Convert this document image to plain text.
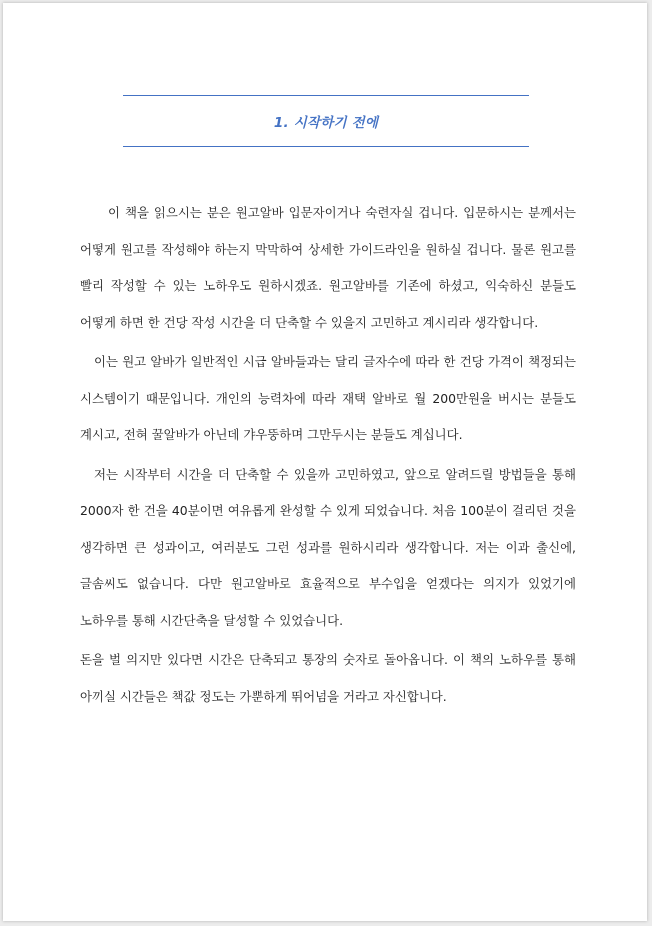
1. 시작하기 전에

이 책을 읽으시는 분은 원고알바 입문자이거나 숙련자실 겁니다. 입문하시는 분께서는 어떻게 원고를 작성해야 하는지 막막하여 상세한 가이드라인을 원하실 겁니다. 물론 원고를 빨리 작성할 수 있는 노하우도 원하시겠죠. 원고알바를 기존에 하셨고, 익숙하신 분들도 어떻게 하면 한 건당 작성 시간을 더 단축할 수 있을지 고민하고 계시리라 생각합니다.

이는 원고 알바가 일반적인 시급 알바들과는 달리 글자수에 따라 한 건당 가격이 책정되는 시스템이기 때문입니다. 개인의 능력차에 따라 재택 알바로 월 200만원을 버시는 분들도 계시고, 전혀 꿀알바가 아닌데 갸우뚱하며 그만두시는 분들도 계십니다.

저는 시작부터 시간을 더 단축할 수 있을까 고민하였고, 앞으로 알려드릴 방법들을 통해 2000자 한 건을 40분이면 여유롭게 완성할 수 있게 되었습니다. 처음 100분이 걸리던 것을 생각하면 큰 성과이고, 여러분도 그런 성과를 원하시리라 생각합니다. 저는 이과 출신에, 글솜씨도 없습니다. 다만 원고알바로 효율적으로 부수입을 얻겠다는 의지가 있었기에 노하우를 통해 시간단축을 달성할 수 있었습니다.

돈을 벌 의지만 있다면 시간은 단축되고 통장의 숫자로 돌아옵니다. 이 책의 노하우를 통해 아끼실 시간들은 책값 정도는 가뿐하게 뛰어넘을 거라고 자신합니다.
